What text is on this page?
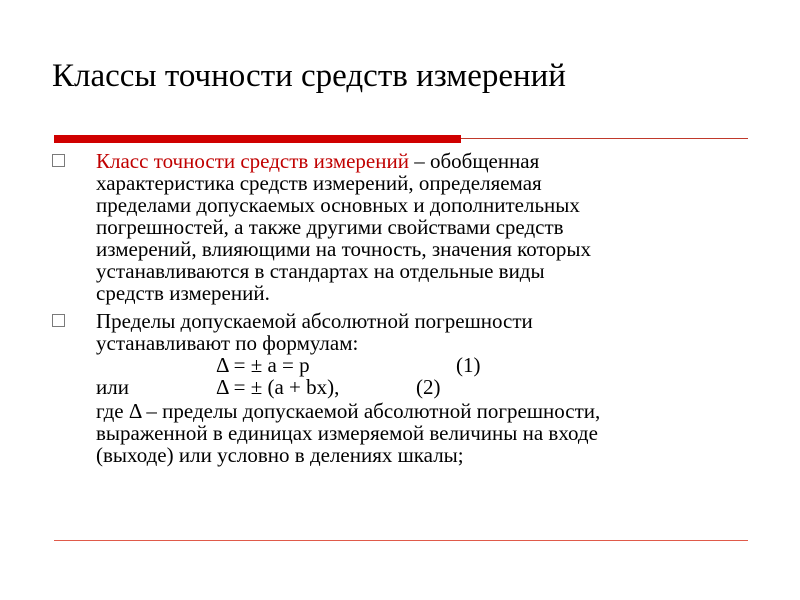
Классы точности средств измерений
Класс точности средств измерений – обобщенная
характеристика средств измерений, определяемая
пределами допускаемых основных и дополнительных
погрешностей, а также другими свойствами средств
измерений, влияющими на точность, значения которых
устанавливаются в стандартах на отдельные виды
средств измерений.
Пределы допускаемой абсолютной погрешности
устанавливают по формулам:
Δ = ± a = p	(1)
или	Δ = ± (a + bx),	(2)
где Δ – пределы допускаемой абсолютной погрешности,
выраженной в единицах измеряемой величины на входе
(выходе) или условно в делениях шкалы;
